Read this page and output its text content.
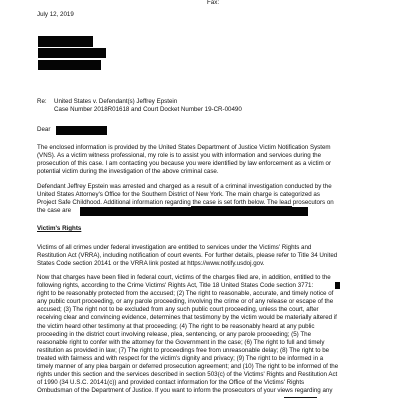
Fax:
July 12, 2019
Re: United States v. Defendant(s) Jeffrey Epstein
Case Number 2018R01618 and Court Docket Number 19-CR-00490
Dear
The enclosed information is provided by the United States Department of Justice Victim Notification System
(VNS). As a victim witness professional, my role is to assist you with information and services during the
prosecution of this case. I am contacting you because you were identified by law enforcement as a victim or
potential victim during the investigation of the above criminal case.
Defendant Jeffrey Epstein was arrested and charged as a result of a criminal investigation conducted by the
United States Attorney's Office for the Southern District of New York. The main charge is categorized as
Project Safe Childhood. Additional information regarding the case is set forth below. The lead prosecutors on
the case are
Victim's Rights
Victims of all crimes under federal investigation are entitled to services under the Victims' Rights and
Restitution Act (VRRA), including notification of court events. For further details, please refer to Title 34 United
States Code section 20141 or the VRRA link posted at https://www.notify.usdoj.gov.
Now that charges have been filed in federal court, victims of the charges filed are, in addition, entitled to the
following rights, according to the Crime Victims' Rights Act, Title 18 United States Code section 3771:
right to be reasonably protected from the accused; (2) The right to reasonable, accurate, and timely notice of
any public court proceeding, or any parole proceeding, involving the crime or of any release or escape of the
accused; (3) The right not to be excluded from any such public court proceeding, unless the court, after
receiving clear and convincing evidence, determines that testimony by the victim would be materially altered if
the victim heard other testimony at that proceeding; (4) The right to be reasonably heard at any public
proceeding in the district court involving release, plea, sentencing, or any parole proceeding; (5) The
reasonable right to confer with the attorney for the Government in the case; (6) The right to full and timely
restitution as provided in law; (7) The right to proceedings free from unreasonable delay; (8) The right to be
treated with fairness and with respect for the victim's dignity and privacy; (9) The right to be informed in a
timely manner of any plea bargain or deferred prosecution agreement; and (10) The right to be informed of the
rights under this section and the services described in section 503(c) of the Victims' Rights and Restitution Act
of 1990 (34 U.S.C. 20141(c)) and provided contact information for the Office of the Victims' Rights
Ombudsman of the Department of Justice. If you want to inform the prosecutors of your views regarding any
